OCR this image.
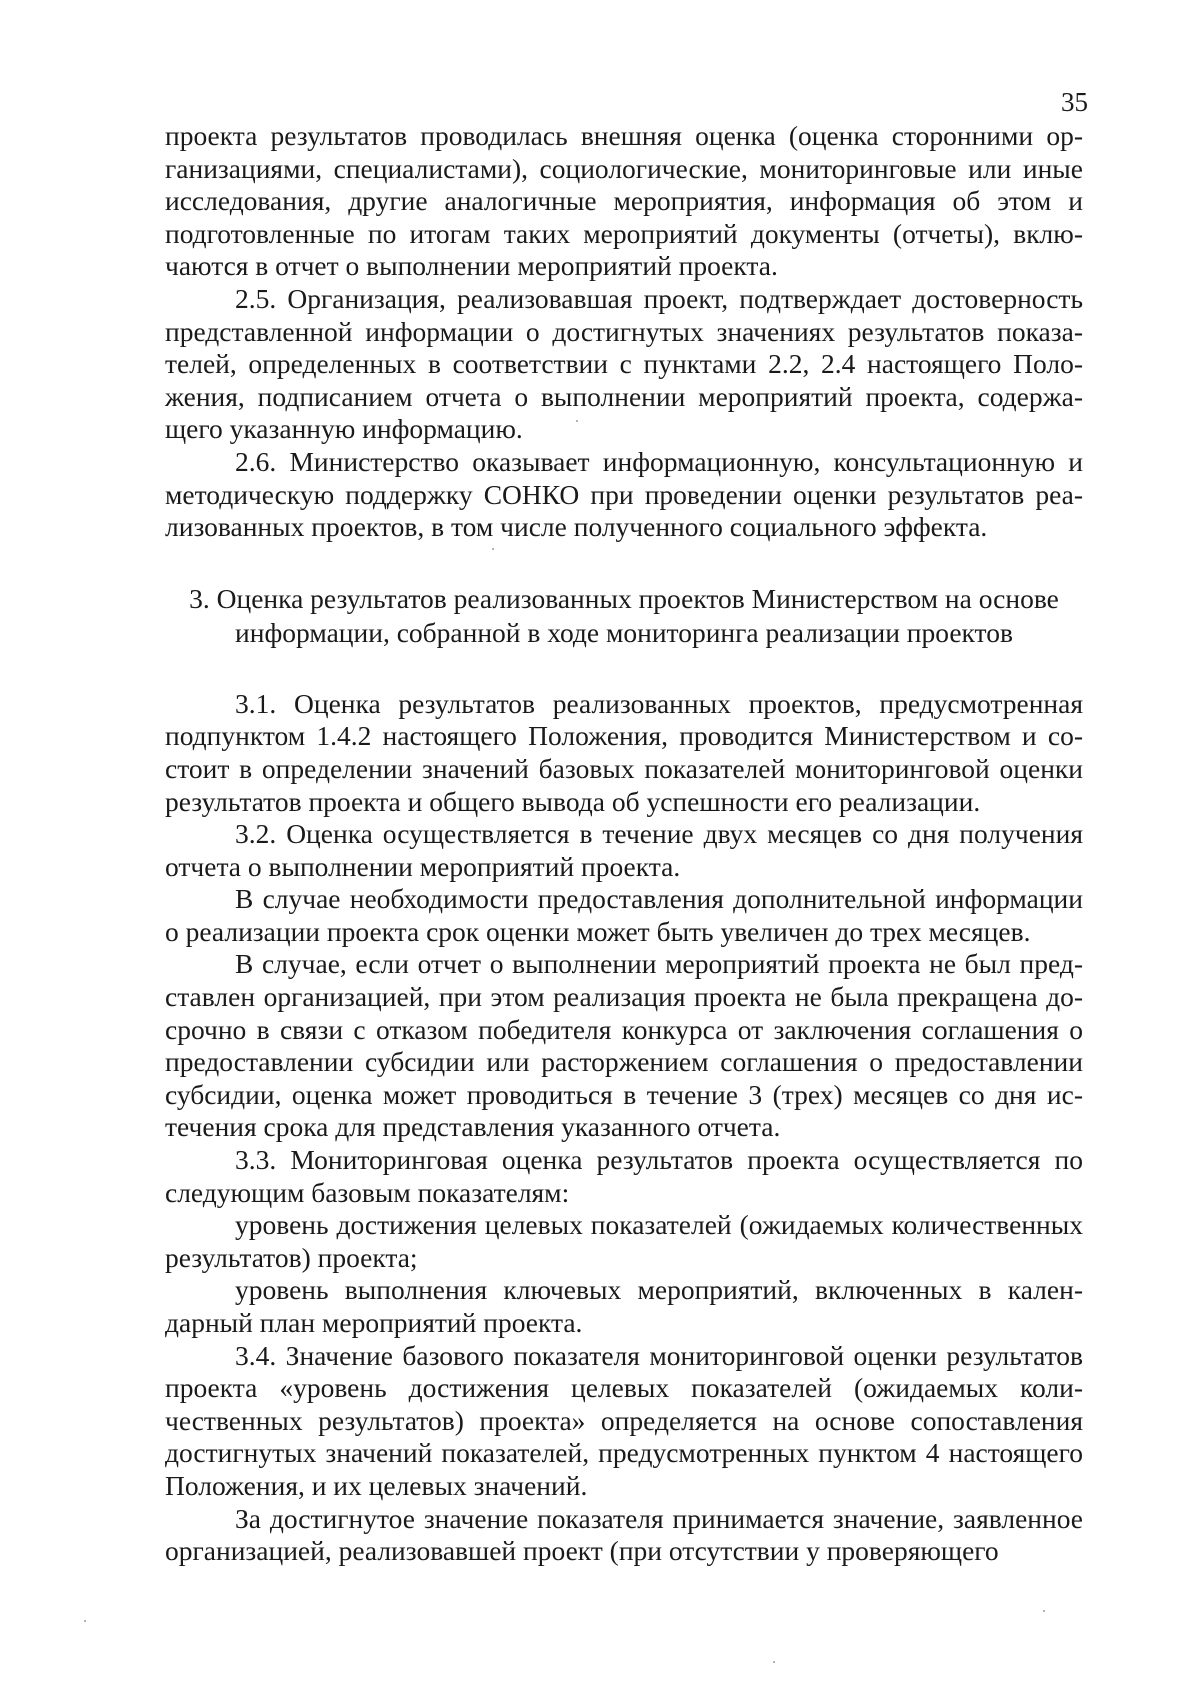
35

проекта результатов проводилась внешняя оценка (оценка сторонними организациями, специалистами), социологические, мониторинговые или иные исследования, другие аналогичные мероприятия, информация об этом и подготовленные по итогам таких мероприятий документы (отчеты), включаются в отчет о выполнении мероприятий проекта.

2.5. Организация, реализовавшая проект, подтверждает достоверность представленной информации о достигнутых значениях результатов показателей, определенных в соответствии с пунктами 2.2, 2.4 настоящего Положения, подписанием отчета о выполнении мероприятий проекта, содержащего указанную информацию.

2.6. Министерство оказывает информационную, консультационную и методическую поддержку СОНКО при проведении оценки результатов реализованных проектов, в том числе полученного социального эффекта.

3. Оценка результатов реализованных проектов Министерством на основе информации, собранной в ходе мониторинга реализации проектов

3.1. Оценка результатов реализованных проектов, предусмотренная подпунктом 1.4.2 настоящего Положения, проводится Министерством и состоит в определении значений базовых показателей мониторинговой оценки результатов проекта и общего вывода об успешности его реализации.

3.2. Оценка осуществляется в течение двух месяцев со дня получения отчета о выполнении мероприятий проекта.

В случае необходимости предоставления дополнительной информации о реализации проекта срок оценки может быть увеличен до трех месяцев.

В случае, если отчет о выполнении мероприятий проекта не был представлен организацией, при этом реализация проекта не была прекращена досрочно в связи с отказом победителя конкурса от заключения соглашения о предоставлении субсидии или расторжением соглашения о предоставлении субсидии, оценка может проводиться в течение 3 (трех) месяцев со дня истечения срока для представления указанного отчета.

3.3. Мониторинговая оценка результатов проекта осуществляется по следующим базовым показателям:

уровень достижения целевых показателей (ожидаемых количественных результатов) проекта;

уровень выполнения ключевых мероприятий, включенных в календарный план мероприятий проекта.

3.4. Значение базового показателя мониторинговой оценки результатов проекта «уровень достижения целевых показателей (ожидаемых количественных результатов) проекта» определяется на основе сопоставления достигнутых значений показателей, предусмотренных пунктом 4 настоящего Положения, и их целевых значений.

За достигнутое значение показателя принимается значение, заявленное организацией, реализовавшей проект (при отсутствии у проверяющего
